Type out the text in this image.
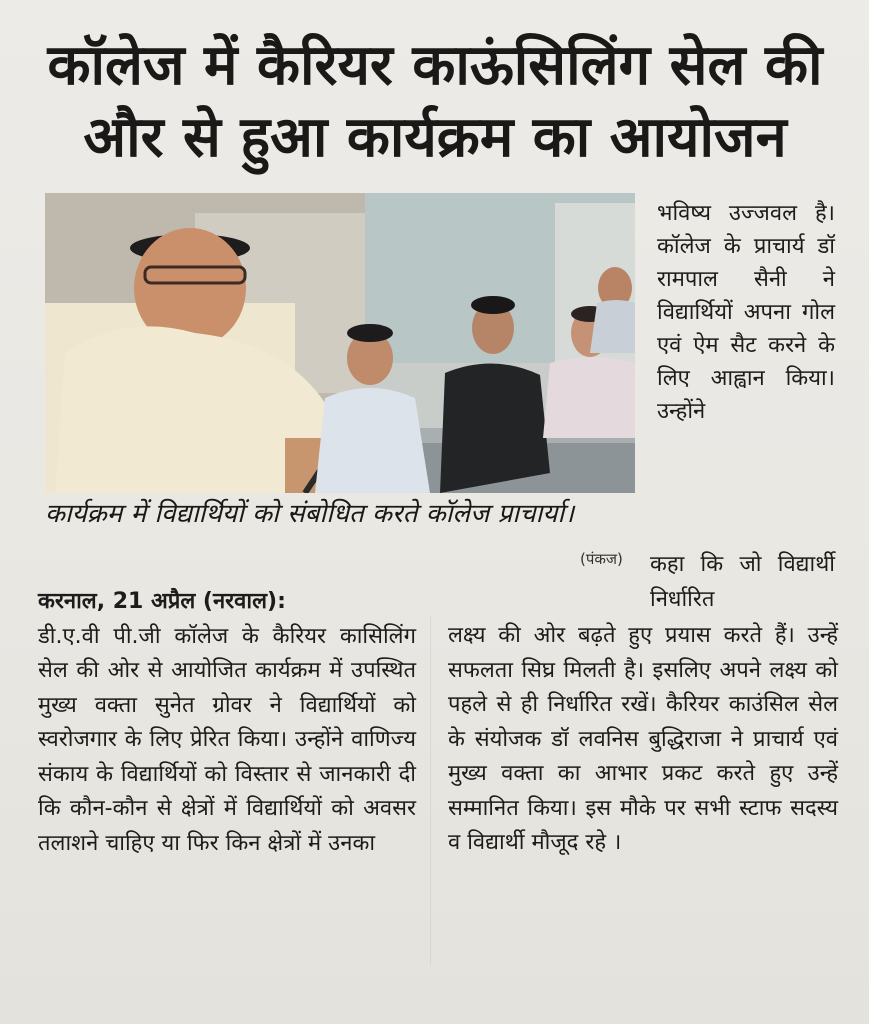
कॉलेज में कैरियर काऊंसिलिंग सेल की और से हुआ कार्यक्रम का आयोजन
कार्यक्रम में विद्यार्थियों को संबोधित करते कॉलेज प्राचार्या।
(पंकज)
भविष्य उज्जवल है। कॉलेज के प्राचार्य डॉ रामपाल सैनी ने विद्यार्थियों अपना गोल एवं ऐम सैट करने के लिए आह्वान किया। उन्होंने
कहा कि जो विद्यार्थी निर्धारित

करनाल, 21 अप्रैल (नरवाल):

डी.ए.वी पी.जी कॉलेज के कैरियर कासिलिंग सेल की ओर से आयोजित कार्यक्रम में उपस्थित मुख्य वक्ता सुनेत ग्रोवर ने विद्यार्थियों को स्वरोजगार के लिए प्रेरित किया। उन्होंने वाणिज्य संकाय के विद्यार्थियों को विस्तार से जानकारी दी कि कौन-कौन से क्षेत्रों में विद्यार्थियों को अवसर तलाशने चाहिए या फिर किन क्षेत्रों में उनका

लक्ष्य की ओर बढ़ते हुए प्रयास करते हैं। उन्हें सफलता सिघ्र मिलती है। इसलिए अपने लक्ष्य को पहले से ही निर्धारित रखें। कैरियर काउंसिल सेल के संयोजक डॉ लवनिस बुद्धिराजा ने प्राचार्य एवं मुख्य वक्ता का आभार प्रकट करते हुए उन्हें सम्मानित किया। इस मौके पर सभी स्टाफ सदस्य व विद्यार्थी मौजूद रहे ।
